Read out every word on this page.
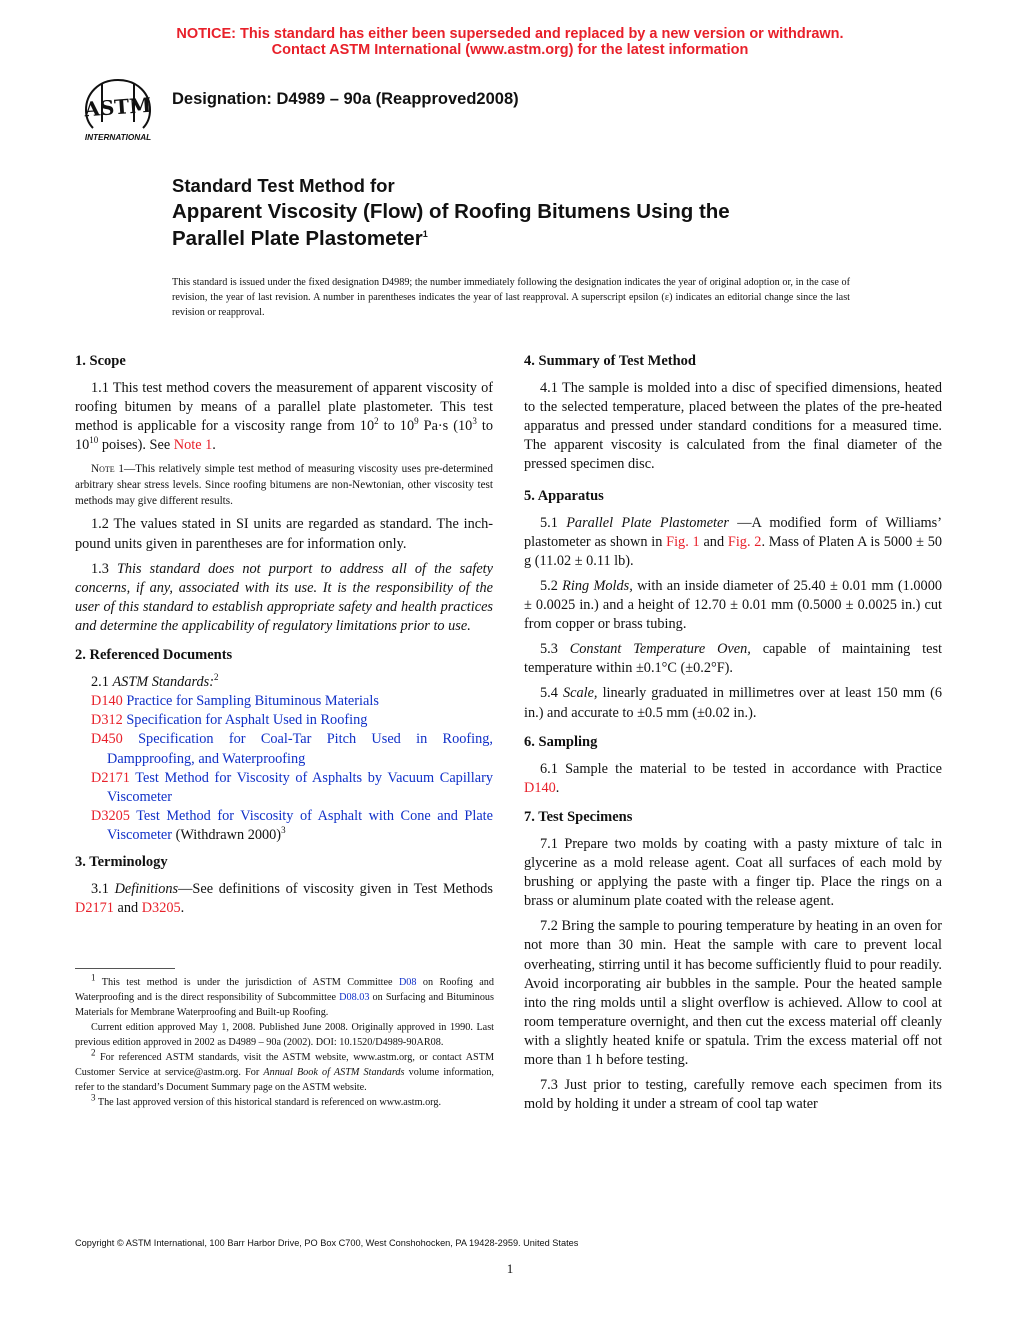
NOTICE: This standard has either been superseded and replaced by a new version or withdrawn.
Contact ASTM International (www.astm.org) for the latest information
ASTM
INTERNATIONAL
Designation: D4989 – 90a (Reapproved2008)
Standard Test Method for
Apparent Viscosity (Flow) of Roofing Bitumens Using the
Parallel Plate Plastometer$^1$
This standard is issued under the fixed designation D4989; the number immediately following the designation indicates the year of original adoption or, in the case of revision, the year of last revision. A number in parentheses indicates the year of last reapproval. A superscript epsilon (ε) indicates an editorial change since the last revision or reapproval.
1. Scope

1.1 This test method covers the measurement of apparent viscosity of roofing bitumen by means of a parallel plate plastometer. This test method is applicable for a viscosity range from $10^2$ to $10^9$ Pa·s ($10^3$ to $10^{10}$ poises). See Note 1.

Note 1—This relatively simple test method of measuring viscosity uses pre-determined arbitrary shear stress levels. Since roofing bitumens are non-Newtonian, other viscosity test methods may give different results.

1.2 The values stated in SI units are regarded as standard. The inch-pound units given in parentheses are for information only.

1.3 This standard does not purport to address all of the safety concerns, if any, associated with its use. It is the responsibility of the user of this standard to establish appropriate safety and health practices and determine the applicability of regulatory limitations prior to use.

2. Referenced Documents

2.1 ASTM Standards:$^2$

D140 Practice for Sampling Bituminous Materials

D312 Specification for Asphalt Used in Roofing

D450 Specification for Coal-Tar Pitch Used in Roofing, Dampproofing, and Waterproofing

D2171 Test Method for Viscosity of Asphalts by Vacuum Capillary Viscometer

D3205 Test Method for Viscosity of Asphalt with Cone and Plate Viscometer (Withdrawn 2000)$^3$

3. Terminology

3.1 Definitions—See definitions of viscosity given in Test Methods D2171 and D3205.

$^1$ This test method is under the jurisdiction of ASTM Committee D08 on Roofing and Waterproofing and is the direct responsibility of Subcommittee D08.03 on Surfacing and Bituminous Materials for Membrane Waterproofing and Built-up Roofing.

Current edition approved May 1, 2008. Published June 2008. Originally approved in 1990. Last previous edition approved in 2002 as D4989 – 90a (2002). DOI: 10.1520/D4989-90AR08.

$^2$ For referenced ASTM standards, visit the ASTM website, www.astm.org, or contact ASTM Customer Service at service@astm.org. For Annual Book of ASTM Standards volume information, refer to the standard’s Document Summary page on the ASTM website.

$^3$ The last approved version of this historical standard is referenced on www.astm.org.

4. Summary of Test Method

4.1 The sample is molded into a disc of specified dimensions, heated to the selected temperature, placed between the plates of the pre-heated apparatus and pressed under standard conditions for a measured time. The apparent viscosity is calculated from the final diameter of the pressed specimen disc.

5. Apparatus

5.1 Parallel Plate Plastometer —A modified form of Williams’ plastometer as shown in Fig. 1 and Fig. 2. Mass of Platen A is 5000 ± 50 g (11.02 ± 0.11 lb).

5.2 Ring Molds, with an inside diameter of 25.40 ± 0.01 mm (1.0000 ± 0.0025 in.) and a height of 12.70 ± 0.01 mm (0.5000 ± 0.0025 in.) cut from copper or brass tubing.

5.3 Constant Temperature Oven, capable of maintaining test temperature within ±0.1°C (±0.2°F).

5.4 Scale, linearly graduated in millimetres over at least 150 mm (6 in.) and accurate to ±0.5 mm (±0.02 in.).

6. Sampling

6.1 Sample the material to be tested in accordance with Practice D140.

7. Test Specimens

7.1 Prepare two molds by coating with a pasty mixture of talc in glycerine as a mold release agent. Coat all surfaces of each mold by brushing or applying the paste with a finger tip. Place the rings on a brass or aluminum plate coated with the release agent.

7.2 Bring the sample to pouring temperature by heating in an oven for not more than 30 min. Heat the sample with care to prevent local overheating, stirring until it has become sufficiently fluid to pour readily. Avoid incorporating air bubbles in the sample. Pour the heated sample into the ring molds until a slight overflow is achieved. Allow to cool at room temperature overnight, and then cut the excess material off cleanly with a slightly heated knife or spatula. Trim the excess material off not more than 1 h before testing.

7.3 Just prior to testing, carefully remove each specimen from its mold by holding it under a stream of cool tap water

Copyright © ASTM International, 100 Barr Harbor Drive, PO Box C700, West Conshohocken, PA 19428-2959. United States
1
